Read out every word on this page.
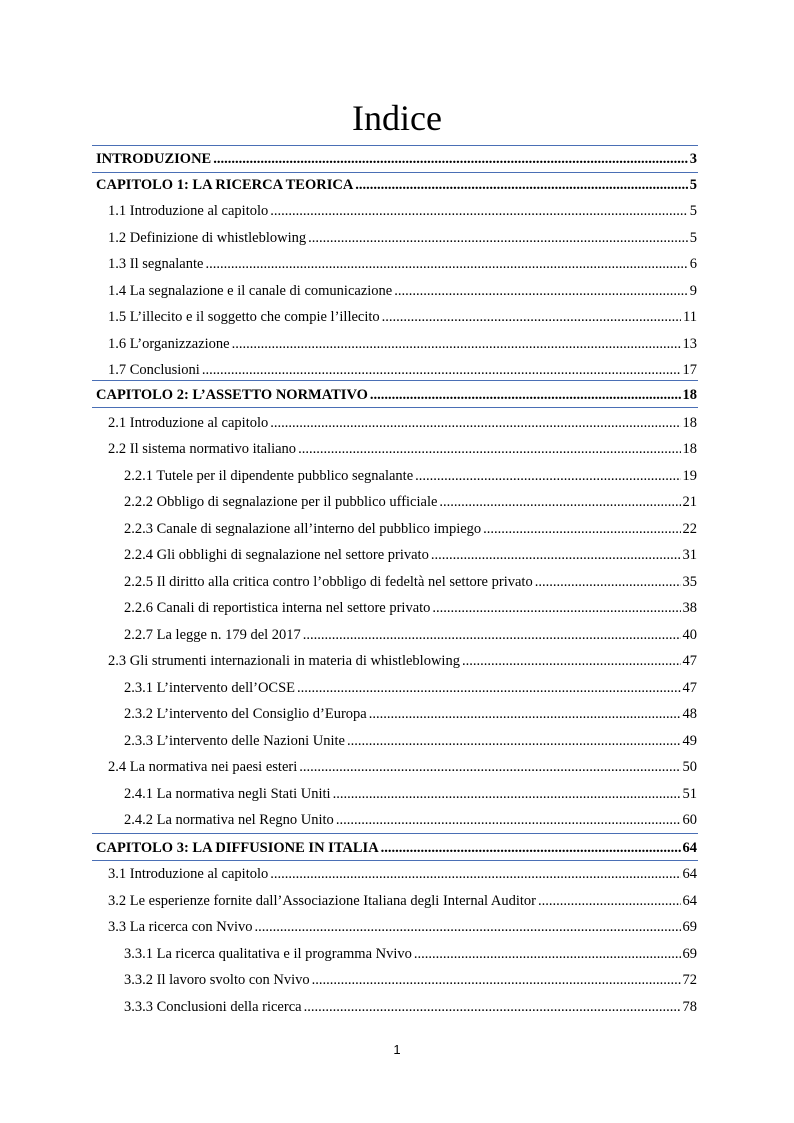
Indice
INTRODUZIONE .....	3
CAPITOLO 1: LA RICERCA TEORICA .....	5
1.1 Introduzione al capitolo .....	5
1.2 Definizione di whistleblowing .....	5
1.3 Il segnalante .....	6
1.4 La segnalazione e il canale di comunicazione .....	9
1.5 L’illecito e il soggetto che compie l’illecito .....	11
1.6 L’organizzazione .....	13
1.7 Conclusioni .....	17
CAPITOLO 2: L’ASSETTO NORMATIVO .....	18
2.1 Introduzione al capitolo .....	18
2.2 Il sistema normativo italiano .....	18
2.2.1 Tutele per il dipendente pubblico segnalante .....	19
2.2.2 Obbligo di segnalazione per il pubblico ufficiale .....	21
2.2.3 Canale di segnalazione all’interno del pubblico impiego .....	22
2.2.4 Gli obblighi di segnalazione nel settore privato .....	31
2.2.5 Il diritto alla critica contro l’obbligo di fedeltà nel settore privato .....	35
2.2.6 Canali di reportistica interna nel settore privato .....	38
2.2.7 La legge n. 179 del 2017 .....	40
2.3 Gli strumenti internazionali in materia di whistleblowing .....	47
2.3.1 L’intervento dell’OCSE .....	47
2.3.2 L’intervento del Consiglio d’Europa .....	48
2.3.3 L’intervento delle Nazioni Unite .....	49
2.4 La normativa nei paesi esteri .....	50
2.4.1 La normativa negli Stati Uniti .....	51
2.4.2 La normativa nel Regno Unito .....	60
CAPITOLO 3: LA DIFFUSIONE IN ITALIA .....	64
3.1 Introduzione al capitolo .....	64
3.2 Le esperienze fornite dall’Associazione Italiana degli Internal Auditor .....	64
3.3 La ricerca con Nvivo .....	69
3.3.1 La ricerca qualitativa e il programma Nvivo .....	69
3.3.2 Il lavoro svolto con Nvivo .....	72
3.3.3 Conclusioni della ricerca .....	78
1
